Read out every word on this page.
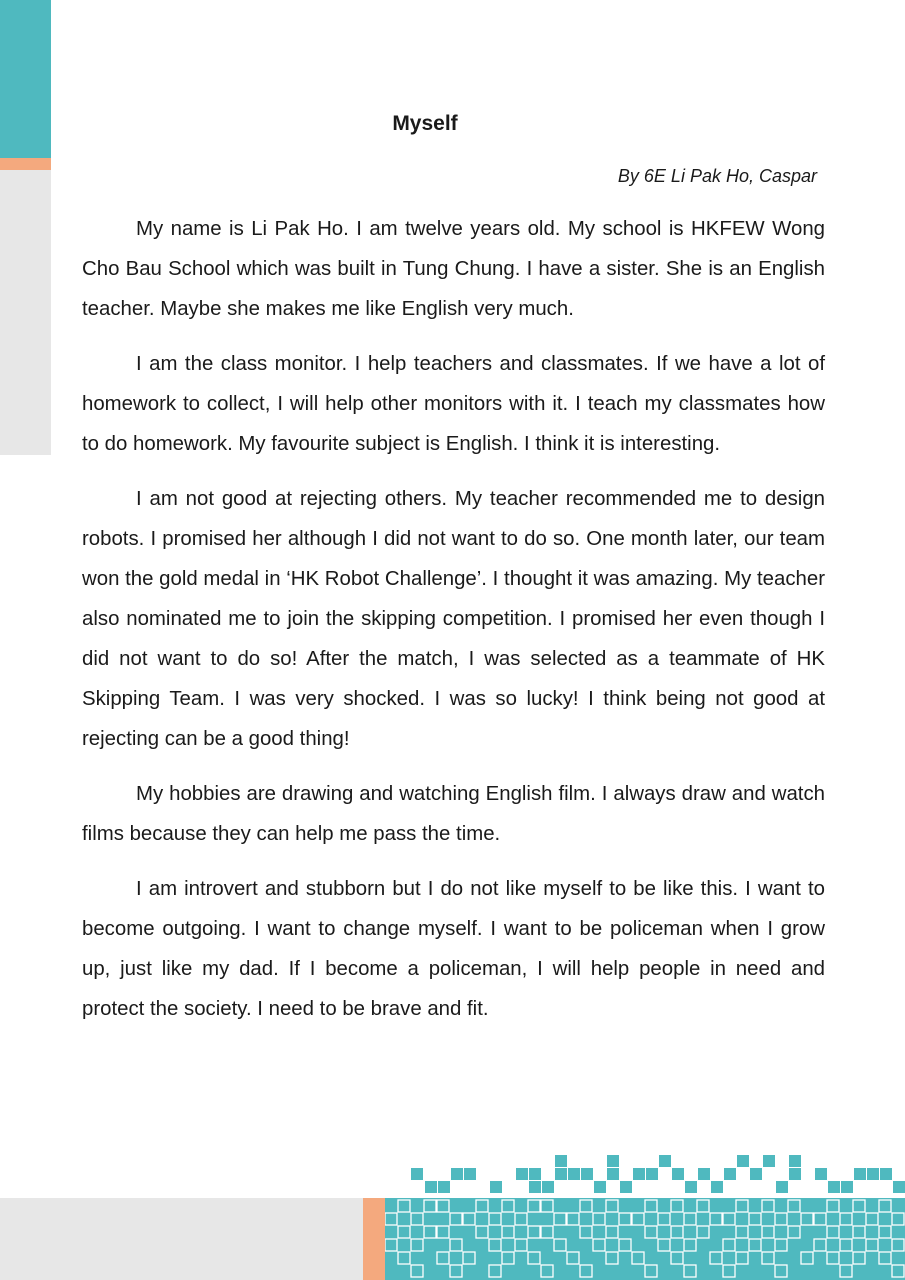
Myself

By 6E Li Pak Ho, Caspar

My name is Li Pak Ho. I am twelve years old. My school is HKFEW Wong Cho Bau School which was built in Tung Chung. I have a sister. She is an English teacher. Maybe she makes me like English very much.

I am the class monitor. I help teachers and classmates. If we have a lot of homework to collect, I will help other monitors with it. I teach my classmates how to do homework. My favourite subject is English. I think it is interesting.

I am not good at rejecting others. My teacher recommended me to design robots. I promised her although I did not want to do so. One month later, our team won the gold medal in ‘HK Robot Challenge’. I thought it was amazing. My teacher also nominated me to join the skipping competition. I promised her even though I did not want to do so! After the match, I was selected as a teammate of HK Skipping Team. I was very shocked. I was so lucky! I think being not good at rejecting can be a good thing!

My hobbies are drawing and watching English film. I always draw and watch films because they can help me pass the time.

I am introvert and stubborn but I do not like myself to be like this. I want to become outgoing. I want to change myself. I want to be policeman when I grow up, just like my dad. If I become a policeman, I will help people in need and protect the society. I need to be brave and fit.
